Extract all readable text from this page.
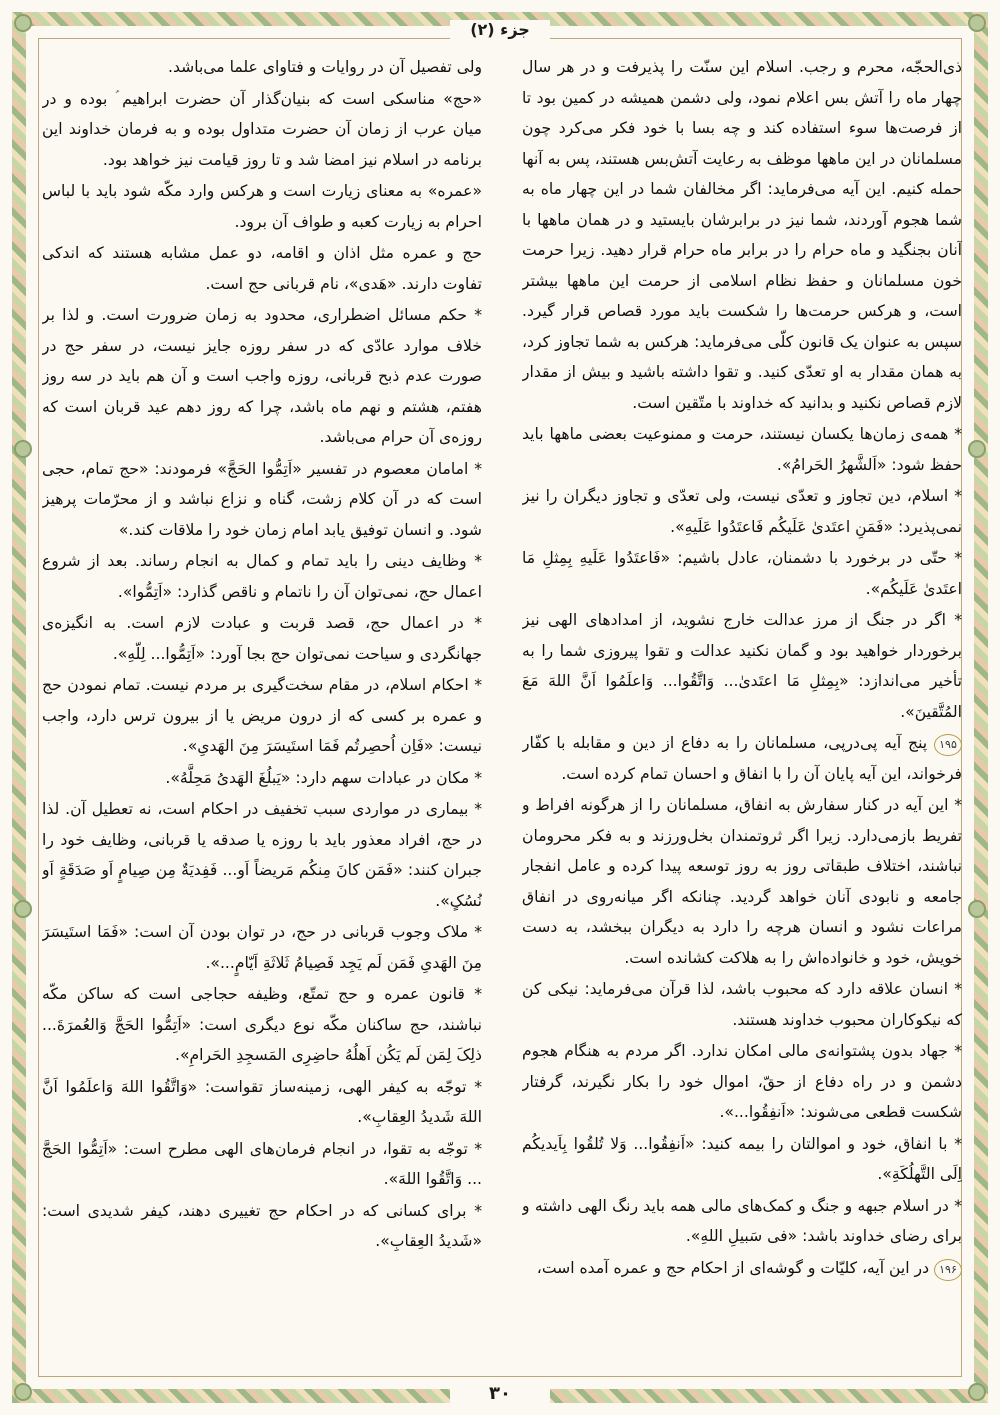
جزء (۲)

ذی‌الحجّه، محرم و رجب. اسلام این سنّت را پذیرفت و در هر سال چهار ماه را آتش بس اعلام نمود، ولی دشمن همیشه در کمین بود تا از فرصت‌ها سوء استفاده کند و چه بسا با خود فکر می‌کرد چون مسلمانان در این ماهها موظف به رعایت آتش‌بس هستند، پس به آنها حمله کنیم. این آیه می‌فرماید: اگر مخالفان شما در این چهار ماه به شما هجوم آوردند، شما نیز در برابرشان بایستید و در همان ماهها با آنان بجنگید و ماه حرام را در برابر ماه حرام قرار دهید. زیرا حرمت خون مسلمانان و حفظ نظام اسلامی از حرمت این ماهها بیشتر است، و هرکس حرمت‌ها را شکست باید مورد قصاص قرار گیرد. سپس به عنوان یک قانون کلّی می‌فرماید: هرکس به شما تجاوز کرد، به همان مقدار به او تعدّی کنید. و تقوا داشته باشید و بیش از مقدار لازم قصاص نکنید و بدانید که خداوند با متّقین است.

* همه‌ی زمان‌ها یکسان نیستند، حرمت و ممنوعیت بعضی ماهها باید حفظ شود: «اَلشَّهرُ الحَرامُ».

* اسلام، دین تجاوز و تعدّی نیست، ولی تعدّی و تجاوز دیگران را نیز نمی‌پذیرد: «فَمَنِ اعتَدیٰ عَلَیکُم فَاعتَدُوا عَلَیهِ».

* حتّی در برخورد با دشمنان، عادل باشیم: «فَاعتَدُوا عَلَیهِ بِمِثلِ مَا اعتَدیٰ عَلَیکُم».

* اگر در جنگ از مرز عدالت خارج نشوید، از امدادهای الهی نیز برخوردار خواهید بود و گمان نکنید عدالت و تقوا پیروزی شما را به تأخیر می‌اندازد: «بِمِثلِ مَا اعتَدیٰ... وَاتَّقُوا... وَاعلَمُوا اَنَّ اللهَ مَعَ المُتَّقینَ».

۱۹۵ پنج آیه پی‌درپی، مسلمانان را به دفاع از دین و مقابله با کفّار فرخواند، این آیه پایان آن را با انفاق و احسان تمام کرده است.

* این آیه در کنار سفارش به انفاق، مسلمانان را از هرگونه افراط و تفریط بازمی‌دارد. زیرا اگر ثروتمندان بخل‌ورزند و به فکر محرومان نباشند، اختلاف طبقاتی روز به روز توسعه پیدا کرده و عامل انفجار جامعه و نابودی آنان خواهد گردید. چنانکه اگر میانه‌روی در انفاق مراعات نشود و انسان هرچه را دارد به دیگران ببخشد، به دست خویش، خود و خانواده‌اش را به هلاکت کشانده است.

* انسان علاقه دارد که محبوب باشد، لذا قرآن می‌فرماید: نیکی کن که نیکوکاران محبوب خداوند هستند.

* جهاد بدون پشتوانه‌ی مالی امکان ندارد. اگر مردم به هنگام هجوم دشمن و در راه دفاع از حقّ، اموال خود را بکار نگیرند، گرفتار شکست قطعی می‌شوند: «اَنفِقُوا...».

* با انفاق، خود و اموالتان را بیمه کنید: «اَنفِقُوا... وَلا تُلقُوا بِاَیدیکُم اِلَی التَّهلُکَةِ».

* در اسلام جبهه و جنگ و کمک‌های مالی همه باید رنگ الهی داشته و برای رضای خداوند باشد: «فی سَبیلِ اللهِ».

۱۹۶ در این آیه، کلیّات و گوشه‌ای از احکام حج و عمره آمده است،

ولی تفصیل آن در روایات و فتاوای علما می‌باشد.

«حج» مناسکی است که بنیان‌گذار آن حضرت ابراهیم ؑ بوده و در میان عرب از زمان آن حضرت متداول بوده و به فرمان خداوند این برنامه در اسلام نیز امضا شد و تا روز قیامت نیز خواهد بود.

«عمره» به معنای زیارت است و هرکس وارد مکّه شود باید با لباس احرام به زیارت کعبه و طواف آن برود.

حج و عمره مثل اذان و اقامه، دو عمل مشابه هستند که اندکی تفاوت دارند. «هَدی»، نام قربانی حج است.

* حکم مسائل اضطراری، محدود به زمان ضرورت است. و لذا بر خلاف موارد عادّی که در سفر روزه جایز نیست، در سفر حج در صورت عدم ذبح قربانی، روزه واجب است و آن هم باید در سه روز هفتم، هشتم و نهم ماه باشد، چرا که روز دهم عید قربان است که روزه‌ی آن حرام می‌باشد.

* امامان معصوم در تفسیر «اَتِمُّوا الحَجَّ» فرمودند: «حج تمام، حجی است که در آن کلام زشت، گناه و نزاع نباشد و از محرّمات پرهیز شود. و انسان توفیق یابد امام زمان خود را ملاقات کند.»

* وظایف دینی را باید تمام و کمال به انجام رساند. بعد از شروع اعمال حج، نمی‌توان آن را ناتمام و ناقص گذارد: «اَتِمُّوا».

* در اعمال حج، قصد قربت و عبادت لازم است. به انگیزه‌ی جهانگردی و سیاحت نمی‌توان حج بجا آورد: «اَتِمُّوا... لِلّهِ».

* احکام اسلام، در مقام سخت‌گیری بر مردم نیست. تمام نمودن حج و عمره بر کسی که از درون مریض یا از بیرون ترس دارد، واجب نیست: «فَاِن اُحصِرتُم فَمَا استَیسَرَ مِنَ الهَدیِ».

* مکان در عبادات سهم دارد: «یَبلُغَ الهَدیُ مَحِلَّهُ».

* بیماری در مواردی سبب تخفیف در احکام است، نه تعطیل آن. لذا در حج، افراد معذور باید با روزه یا صدقه یا قربانی، وظایف خود را جبران کنند: «فَمَن کانَ مِنکُم مَریضاً اَو... فَفِدیَةٌ مِن صِیامٍ اَو صَدَقَةٍ اَو نُسُکٍ».

* ملاک وجوب قربانی در حج، در توان بودن آن است: «فَمَا استَیسَرَ مِنَ الهَدیِ فَمَن لَم یَجِد فَصِیامُ ثَلاثَةِ اَیّامٍ...».

* قانون عمره و حج تمتّع، وظیفه حجاجی است که ساکن مکّه نباشند، حج ساکنان مکّه نوع دیگری است: «اَتِمُّوا الحَجَّ وَالعُمرَةَ... ذلِکَ لِمَن لَم یَکُن اَهلُهُ حاضِرِی المَسجِدِ الحَرامِ».

* توجّه به کیفر الهی، زمینه‌ساز تقواست: «وَاتَّقُوا اللهَ وَاعلَمُوا اَنَّ اللهَ شَدیدُ العِقابِ».

* توجّه به تقوا، در انجام فرمان‌های الهی مطرح است: «اَتِمُّوا الحَجَّ ... وَاتَّقُوا اللهَ».

* برای کسانی که در احکام حج تغییری دهند، کیفر شدیدی است: «شَدیدُ العِقابِ».

۳۰
